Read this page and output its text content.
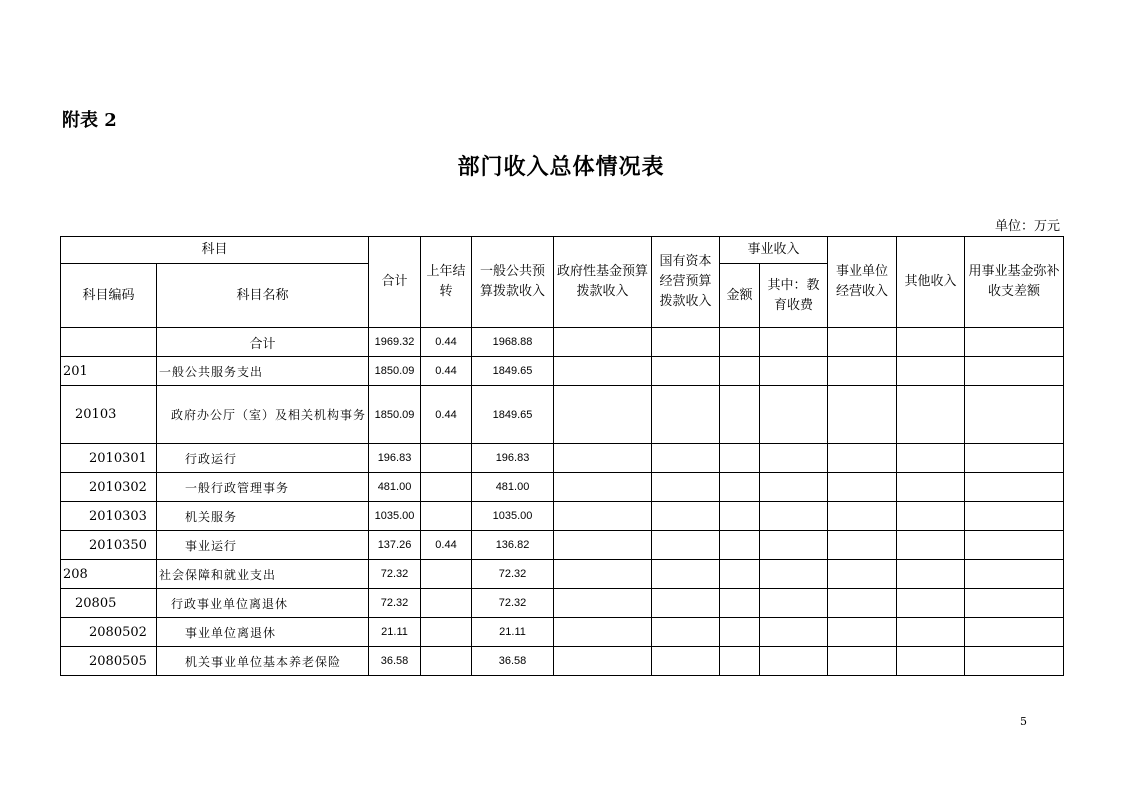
附表 2
部门收入总体情况表
单位：万元
科目		合计	上年结转	一般公共预算拨款收入	政府性基金预算拨款收入	国有资本经营预算拨款收入	事业收入		事业单位经营收入	其他收入	用事业基金弥补收支差额
科目编码	科目名称						金额	其中：教育收费			
	合计	1969.32	0.44	1968.88							
201	一般公共服务支出	1850.09	0.44	1849.65							
20103	政府办公厅（室）及相关机构事务	1850.09	0.44	1849.65							
2010301	行政运行	196.83		196.83							
2010302	一般行政管理事务	481.00		481.00							
2010303	机关服务	1035.00		1035.00							
2010350	事业运行	137.26	0.44	136.82							
208	社会保障和就业支出	72.32		72.32							
20805	行政事业单位离退休	72.32		72.32							
2080502	事业单位离退休	21.11		21.11							
2080505	机关事业单位基本养老保险	36.58		36.58							
5
